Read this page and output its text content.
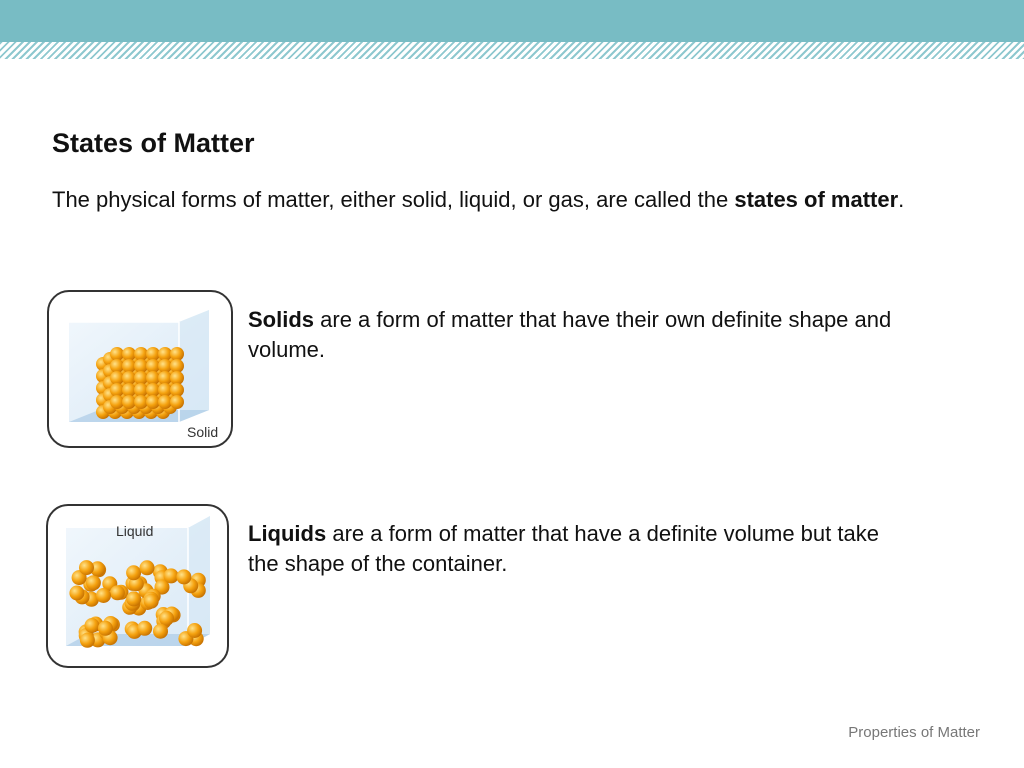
States of Matter

The physical forms of matter, either solid, liquid, or gas, are called the states of matter.

Solid

Solids are a form of matter that have their own definite shape and volume.

Liquid	Liquids are a form of matter that have a definite volume but take the shape of the container.

Properties of Matter
